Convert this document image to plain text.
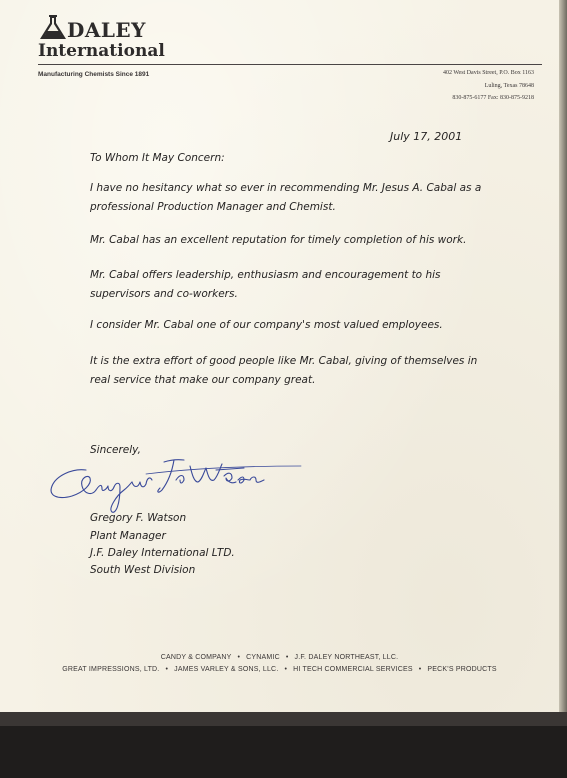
DALEY
International
Manufacturing Chemists Since 1891	402 West Davis Street, P.O. Box 1163
Luling, Texas 78648
830-875-6177 Fax: 830-875-9218
July 17, 2001
To Whom It May Concern:
I have no hesitancy what so ever in recommending Mr. Jesus A. Cabal as a
professional Production Manager and Chemist.
Mr. Cabal has an excellent reputation for timely completion of his work.
Mr. Cabal offers leadership, enthusiasm and encouragement to his
supervisors and co-workers.
I consider Mr. Cabal one of our company's most valued employees.
It is the extra effort of good people like Mr. Cabal, giving of themselves in
real service that make our company great.
Sincerely,
Gregory F. Watson
Plant Manager
J.F. Daley International LTD.
South West Division
CANDY & COMPANY • CYNAMIC • J.F. DALEY NORTHEAST, LLC.
GREAT IMPRESSIONS, LTD. • JAMES VARLEY & SONS, LLC. • HI TECH COMMERCIAL SERVICES • PECK'S PRODUCTS
